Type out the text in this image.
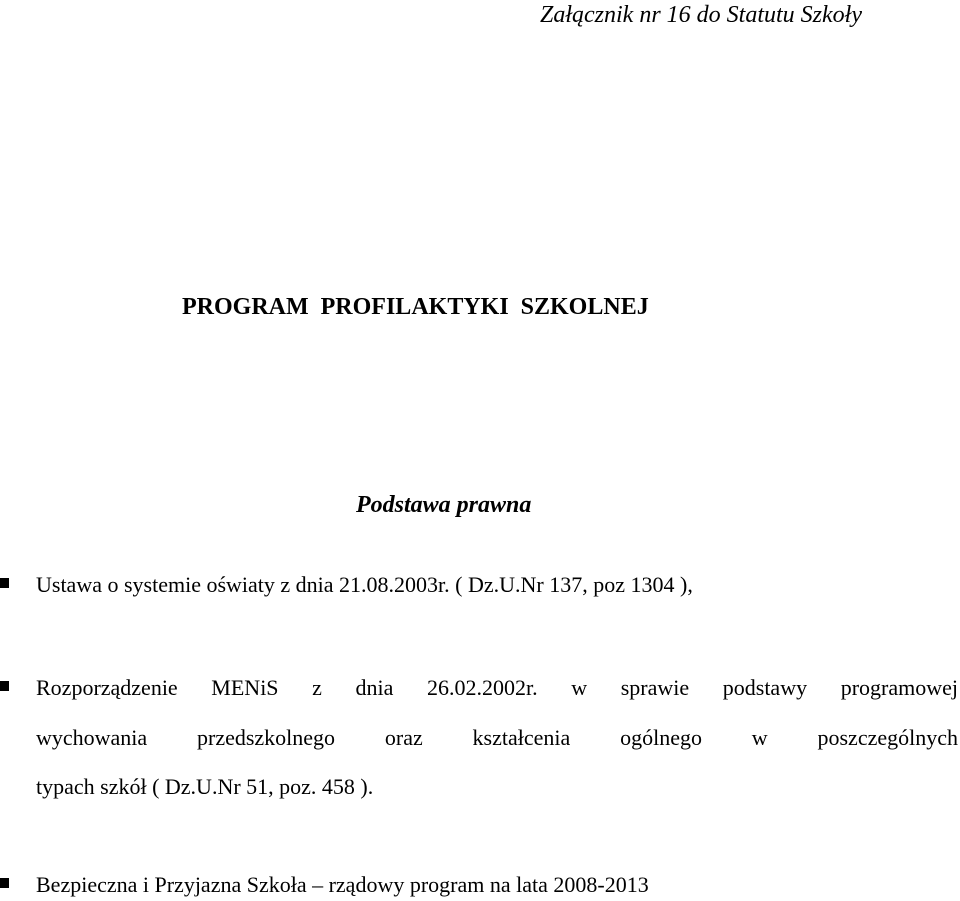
Załącznik nr 16 do Statutu Szkoły
PROGRAM  PROFILAKTYKI  SZKOLNEJ
Podstawa prawna
Ustawa o systemie oświaty z dnia 21.08.2003r. ( Dz.U.Nr 137, poz 1304 ),
Rozporządzenie MENiS z dnia 26.02.2002r. w sprawie podstawy programowej
wychowania przedszkolnego oraz kształcenia ogólnego w poszczególnych
typach szkół ( Dz.U.Nr 51, poz. 458 ).
Bezpieczna i Przyjazna Szkoła – rządowy program na lata 2008-2013
